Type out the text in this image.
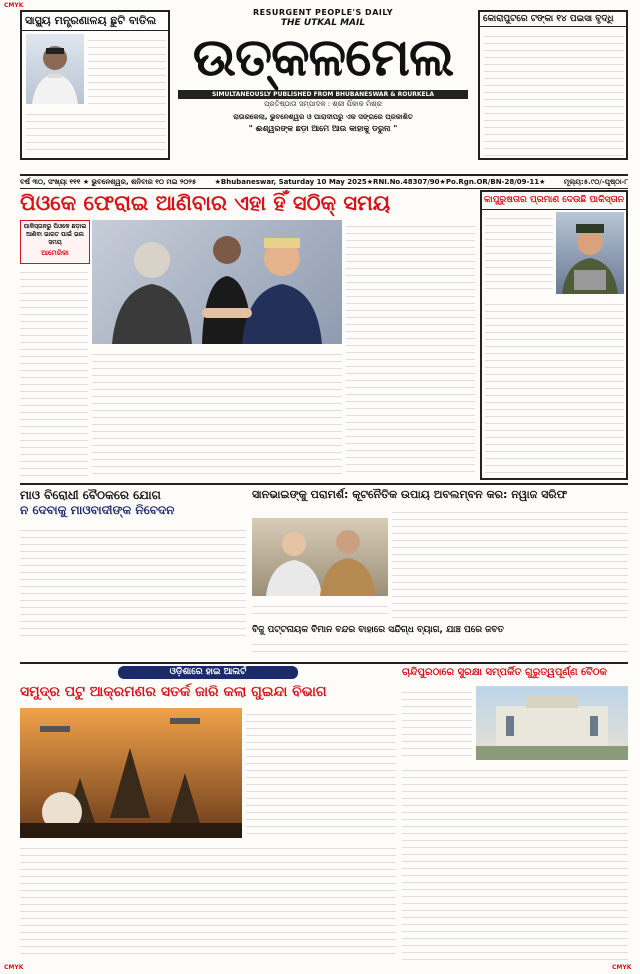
CMYK
CMYK	CMYK
ସାସ୍ଥ୍ୟ ମନ୍ତ୍ରଣାଳୟ ଛୁଟି ବାତିଲ
RESURGENT PEOPLE'S DAILY
THE UTKAL MAIL
ଉତ୍କଳମେଲ
SIMULTANEOUSLY PUBLISHED FROM BHUBANESWAR & ROURKELA
ପ୍ରତିଷ୍ଠାତା ସମ୍ପାଦକ : ଶ୍ରୀ ପିଁକାକ ମିଶ୍ର
ରାଉରକେଲା, ଭୁବନେଶ୍ୱର ଓ ପାରାଦୀପରୁ ଏକ ସଙ୍ଗରେ ପ୍ରକାଶିତ
" ଈଶ୍ୱରଙ୍କ ଛଡ଼ା ଆମେ ଆଉ କାହାକୁ ଡରୁନା "
କୋରାପୁଟରେ ଟଙ୍କା ୧୪ ପଇସା ବୃଦ୍ଧି
ବର୍ଷ ୩୦, ସଂଖ୍ୟା ୧୧୧ ★ ଭୁବନେଶ୍ୱର, ଶନିବାର ୧୦ ମଇ ୨୦୨୫	★Bhubaneswar, Saturday 10 May 2025★RNI.No.48307/90★Po.Rgn.OR/BN-28/09-11★	ମୂଲ୍ୟ:୫.୯୦/-ପୃଷ୍ଠା-୮
ପିଓକେ ଫେରାଇ ଆଣିବାର ଏହା ହିଁ ସଠିକ୍ ସମୟ
ପାକିସ୍ତାନରୁ ପିଓକେ ଛଡ଼ାଇ ଆଣିବା ଭାରତ ପାଇଁ ଭଲ ସମୟ
ଆମେରିକା
କାପୁରୁଷତାର ପ୍ରମାଣ ଦେଉଛି ପାକିସ୍ତାନ
ମାଓ ବିରୋଧୀ ବୈଠକରେ ଯୋଗ
ନ ଦେବାକୁ ମାଓବାଦୀଙ୍କ ନିବେଦନ
ସାନଭାଇଙ୍କୁ ପରାମର୍ଶ: କୂଟନୈତିକ ଉପାୟ ଅବଲମ୍ବନ କର: ନୱାଜ ସରିଫ
ବିଜୁ ପଟ୍ଟନାୟକ ବିମାନ ବନ୍ଦର ବାହାରେ ସନ୍ଦିଗ୍ଧ ବ୍ୟାଗ, ଯାଞ୍ଚ ପରେ ଜବତ
ଓଡ଼ିଶାରେ ହାଇ ଆଲର୍ଟ
ସମୁଦ୍ର ପଟୁ ଆକ୍ରମଣର ସତର୍କ ଜାରି କଲା ଗୁଇନ୍ଦା ବିଭାଗ
ଚାନ୍ଦିପୁରଠାରେ ସୁରକ୍ଷା ସମ୍ପର୍କିତ ଗୁରୁତ୍ୱପୂର୍ଣ୍ଣ ବୈଠକ
